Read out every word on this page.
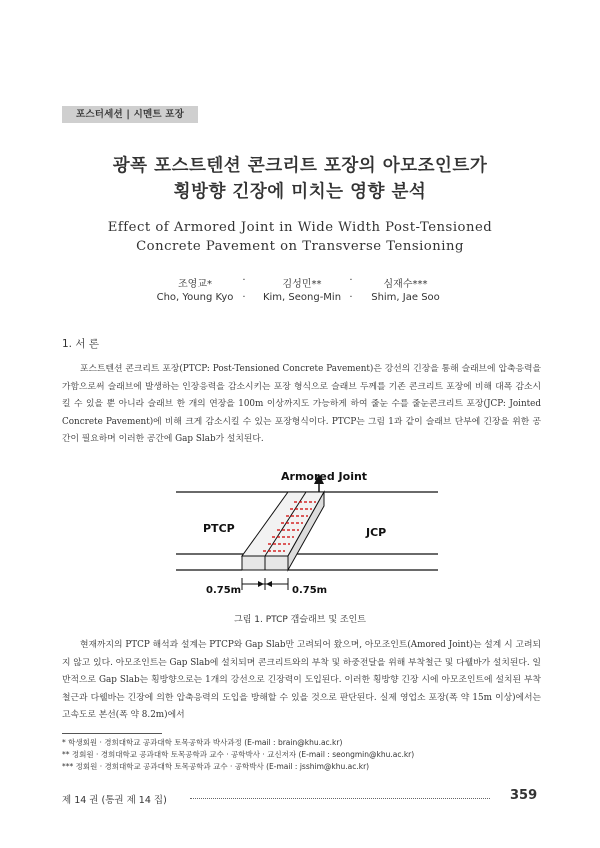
포스터세션 | 시멘트 포장
광폭 포스트텐션 콘크리트 포장의 아모조인트가
횡방향 긴장에 미치는 영향 분석
Effect of Armored Joint in Wide Width Post-Tensioned
Concrete Pavement on Transverse Tensioning
조영교*
Cho, Young Kyo
·
·
김성민**
Kim, Seong-Min
·
·
심재수***
Shim, Jae Soo
1. 서 론
포스트텐션 콘크리트 포장(PTCP: Post-Tensioned Concrete Pavement)은 강선의 긴장을 통해 슬래브에 압축응력을 가함으로써 슬래브에 발생하는 인장응력을 감소시키는 포장 형식으로 슬래브 두께를 기존 콘크리트 포장에 비해 대폭 감소시킬 수 있을 뿐 아니라 슬래브 한 개의 연장을 100m 이상까지도 가능하게 하여 줄눈 수를 줄눈콘크리트 포장(JCP: Jointed Concrete Pavement)에 비해 크게 감소시킬 수 있는 포장형식이다. PTCP는 그림 1과 같이 슬래브 단부에 긴장을 위한 공간이 필요하며 이러한 공간에 Gap Slab가 설치된다.
Armored Joint
PTCP	JCP
0.75m	0.75m
그림 1. PTCP 갭슬래브 및 조인트
현재까지의 PTCP 해석과 설계는 PTCP와 Gap Slab만 고려되어 왔으며, 아모조인트(Amored Joint)는 설계 시 고려되지 않고 있다. 아모조인트는 Gap Slab에 설치되며 콘크리트와의 부착 및 하중전달을 위해 부착철근 및 다웰바가 설치된다. 일반적으로 Gap Slab는 횡방향으로는 1개의 강선으로 긴장력이 도입된다. 이러한 횡방향 긴장 시에 아모조인트에 설치된 부착철근과 다웰바는 긴장에 의한 압축응력의 도입을 방해할 수 있을 것으로 판단된다. 실제 영업소 포장(폭 약 15m 이상)에서는 고속도로 본선(폭 약 8.2m)에서
* 학생회원 · 경희대학교 공과대학 토목공학과 박사과정 (E-mail : brain@khu.ac.kr)
** 정회원 · 경희대학교 공과대학 토목공학과 교수 · 공학박사 · 교신저자 (E-mail : seongmin@khu.ac.kr)
*** 정회원 · 경희대학교 공과대학 토목공학과 교수 · 공학박사 (E-mail : jsshim@khu.ac.kr)
제 14 권 (통권 제 14 집)	359
